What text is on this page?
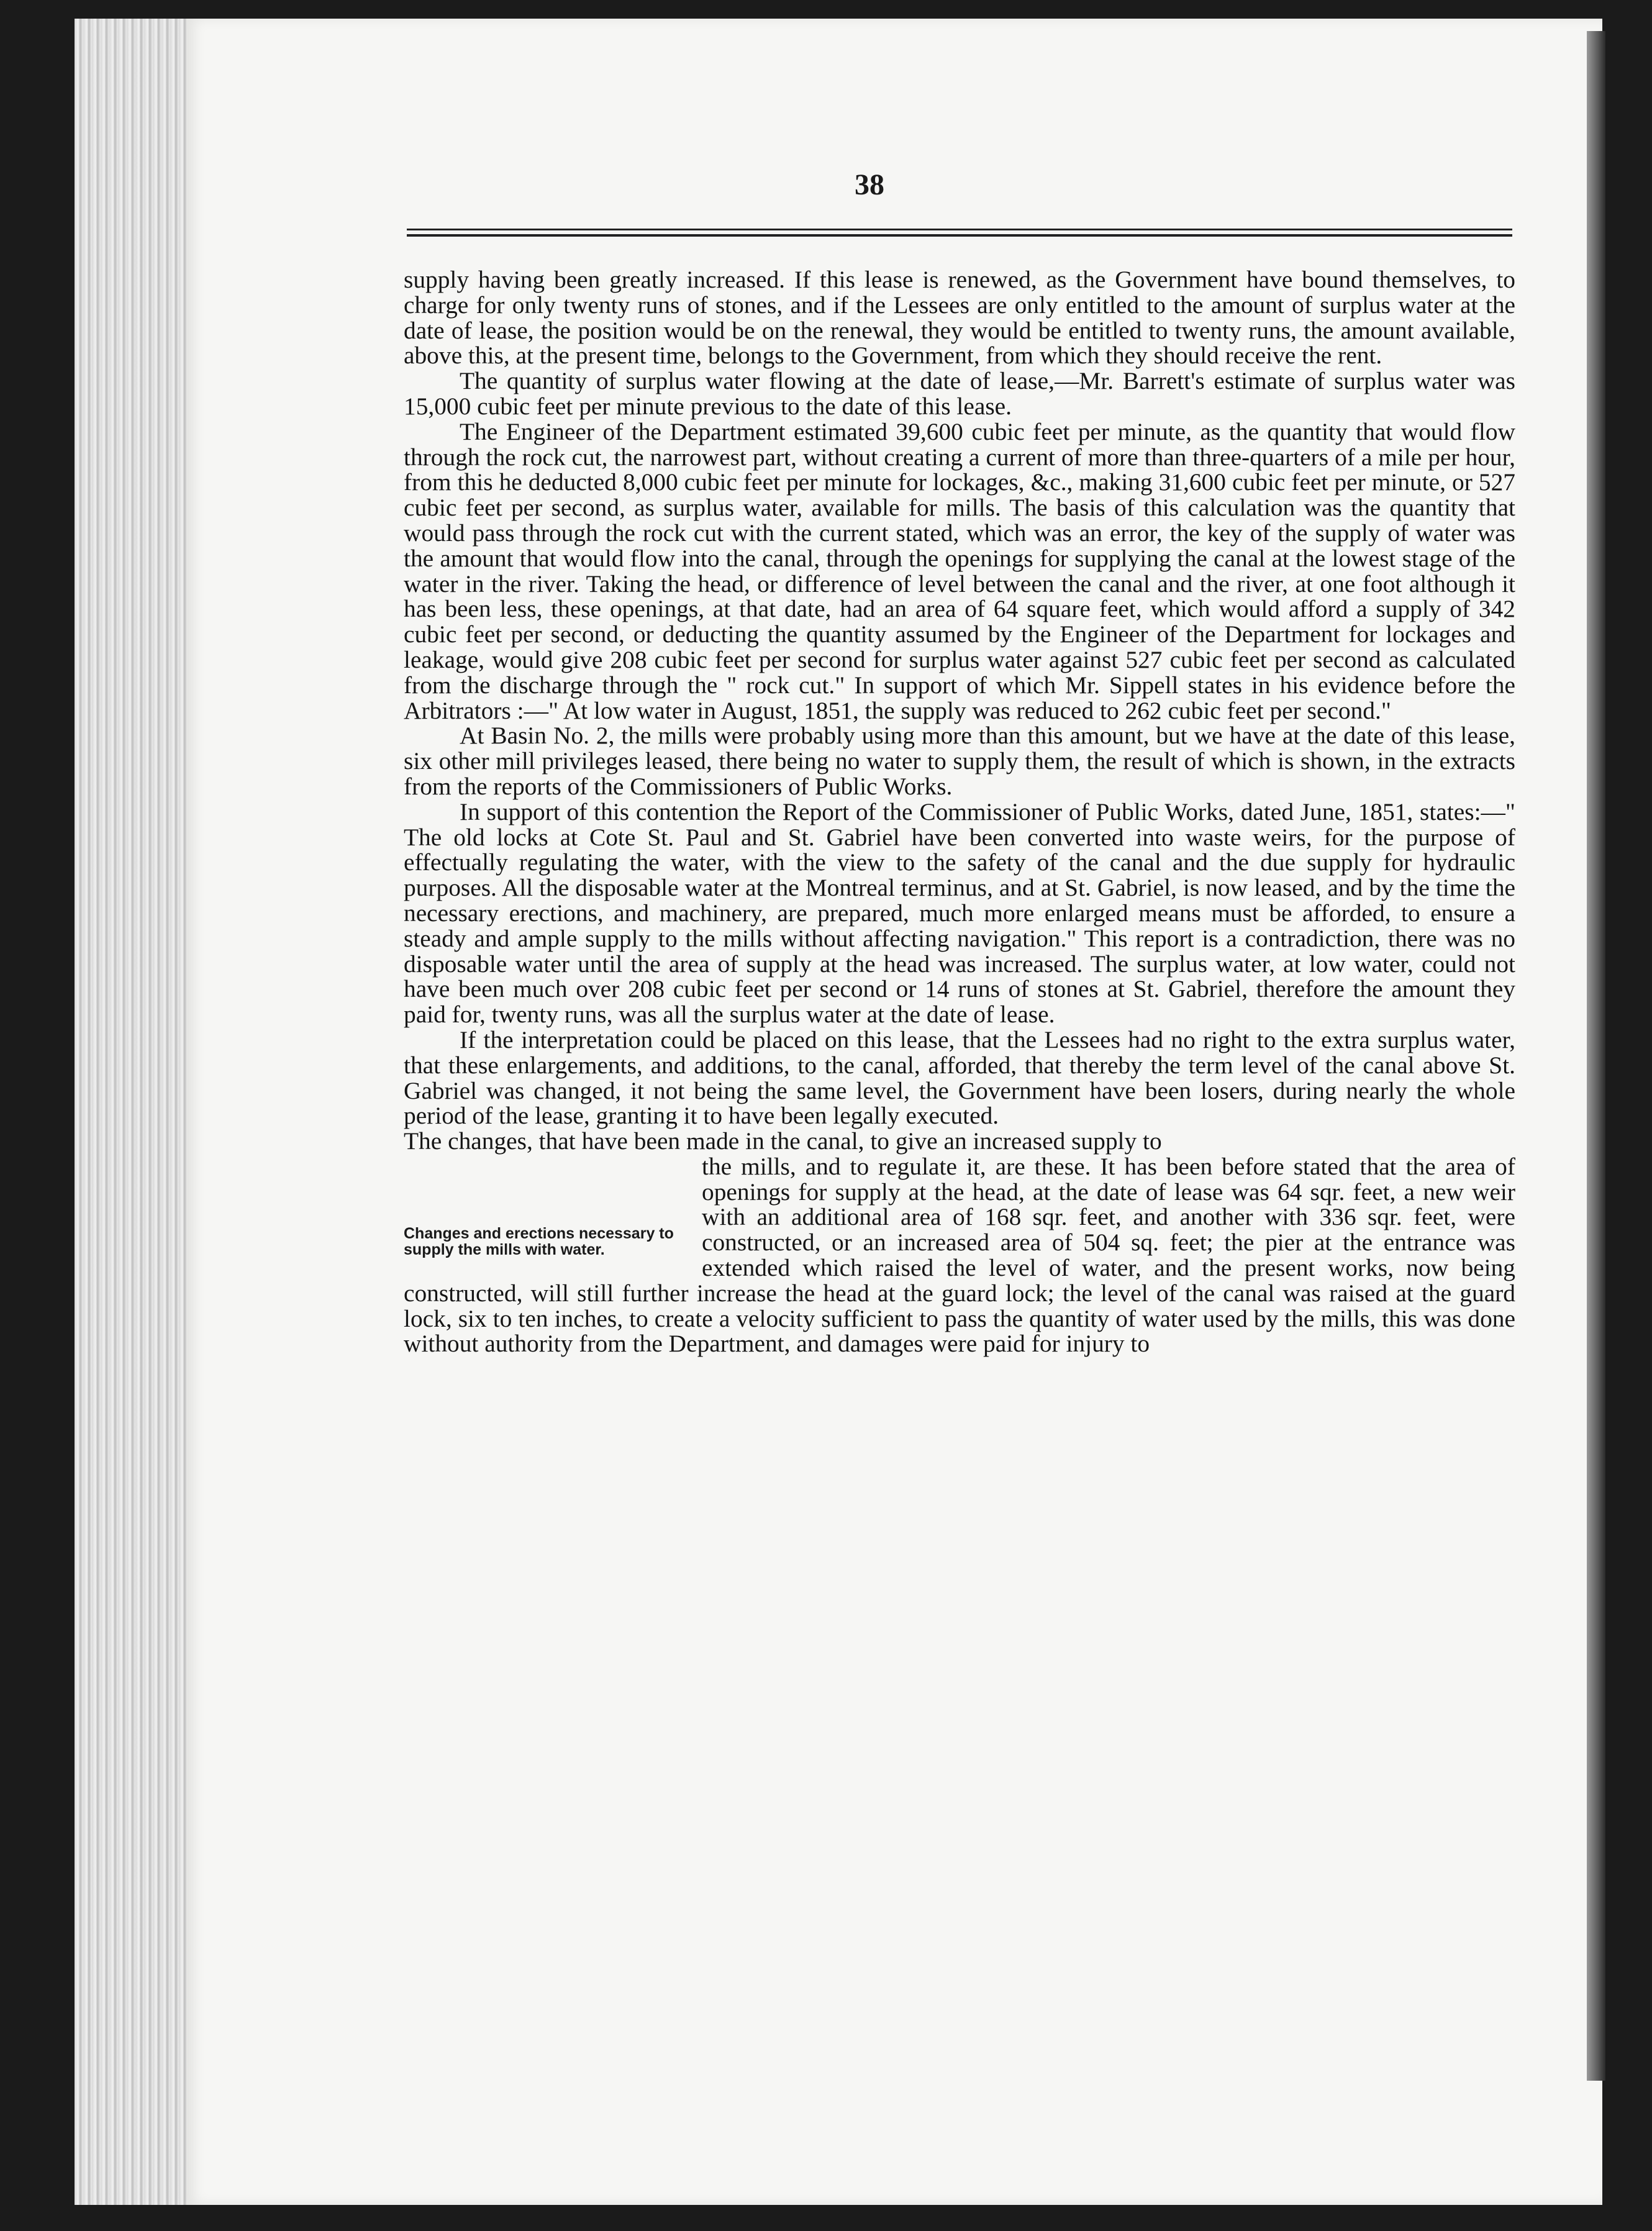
38

supply having been greatly increased. If this lease is renewed, as the Government have bound themselves, to charge for only twenty runs of stones, and if the Lessees are only entitled to the amount of surplus water at the date of lease, the position would be on the renewal, they would be entitled to twenty runs, the amount available, above this, at the present time, belongs to the Government, from which they should receive the rent.

The quantity of surplus water flowing at the date of lease,—Mr. Barrett's estimate of surplus water was 15,000 cubic feet per minute previous to the date of this lease.

The Engineer of the Department estimated 39,600 cubic feet per minute, as the quantity that would flow through the rock cut, the narrowest part, without creating a current of more than three-quarters of a mile per hour, from this he deducted 8,000 cubic feet per minute for lockages, &c., making 31,600 cubic feet per minute, or 527 cubic feet per second, as surplus water, available for mills. The basis of this calculation was the quantity that would pass through the rock cut with the current stated, which was an error, the key of the supply of water was the amount that would flow into the canal, through the openings for supplying the canal at the lowest stage of the water in the river. Taking the head, or difference of level between the canal and the river, at one foot although it has been less, these openings, at that date, had an area of 64 square feet, which would afford a supply of 342 cubic feet per second, or deducting the quantity assumed by the Engineer of the Department for lockages and leakage, would give 208 cubic feet per second for surplus water against 527 cubic feet per second as calculated from the discharge through the " rock cut." In support of which Mr. Sippell states in his evidence before the Arbitrators :—" At low water in August, 1851, the supply was reduced to 262 cubic feet per second."

At Basin No. 2, the mills were probably using more than this amount, but we have at the date of this lease, six other mill privileges leased, there being no water to supply them, the result of which is shown, in the extracts from the reports of the Commissioners of Public Works.

In support of this contention the Report of the Commissioner of Public Works, dated June, 1851, states:—" The old locks at Cote St. Paul and St. Gabriel have been converted into waste weirs, for the purpose of effectually regulating the water, with the view to the safety of the canal and the due supply for hydraulic purposes. All the disposable water at the Montreal terminus, and at St. Gabriel, is now leased, and by the time the necessary erections, and machinery, are prepared, much more enlarged means must be afforded, to ensure a steady and ample supply to the mills without affecting navigation." This report is a contradiction, there was no disposable water until the area of supply at the head was increased. The surplus water, at low water, could not have been much over 208 cubic feet per second or 14 runs of stones at St. Gabriel, therefore the amount they paid for, twenty runs, was all the surplus water at the date of lease.

If the interpretation could be placed on this lease, that the Lessees had no right to the extra surplus water, that these enlargements, and additions, to the canal, afforded, that thereby the term level of the canal above St. Gabriel was changed, it not being the same level, the Government have been losers, during nearly the whole period of the lease, granting it to have been legally executed.

The changes, that have been made in the canal, to give an increased supply to

Changes and erections necessary to supply the mills with water.

the mills, and to regulate it, are these. It has been before stated that the area of openings for supply at the head, at the date of lease was 64 sqr. feet, a new weir with an additional area of 168 sqr. feet, and another with 336 sqr. feet, were constructed, or an increased area of 504 sq. feet; the pier at the entrance was extended which raised the level of water, and the present works, now being constructed, will still further increase the head at the guard lock; the level of the canal was raised at the guard lock, six to ten inches, to create a velocity sufficient to pass the quantity of water used by the mills, this was done without authority from the Department, and damages were paid for injury to
